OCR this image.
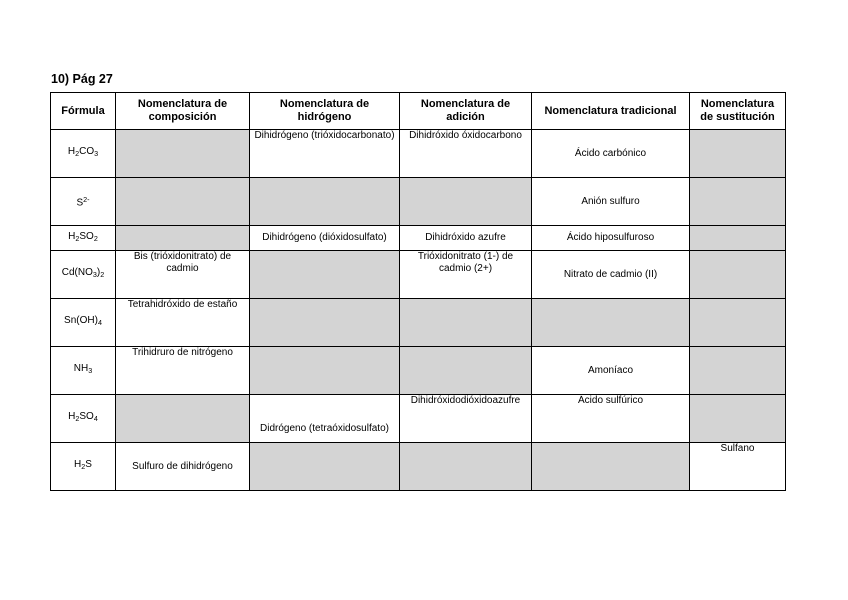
10) Pág 27
Fórmula	Nomenclatura de composición	Nomenclatura de hidrógeno	Nomenclatura de adición	Nomenclatura tradicional	Nomenclatura de sustitución
$H_2CO_3$		Dihidrógeno (trióxidocarbonato)	Dihidróxido óxidocarbono	Ácido carbónico	
$S^{2-}$				Anión sulfuro	
$H_2SO_2$		Dihidrógeno (dióxidosulfato)	Dihidróxido azufre	Ácido hiposulfuroso	
$Cd(NO_3)_2$	Bis (trióxidonitrato) de cadmio		Trióxidonitrato (1-) de cadmio (2+)	Nitrato de cadmio (II)	
$Sn(OH)_4$	Tetrahidróxido de estaño				
$NH_3$	Trihidruro de nitrógeno			Amoníaco	
$H_2SO_4$		Didrógeno (tetraóxidosulfato)	Dihidróxidodióxidoazufre	Ácido sulfúrico	
$H_2S$	Sulfuro de dihidrógeno				Sulfano
